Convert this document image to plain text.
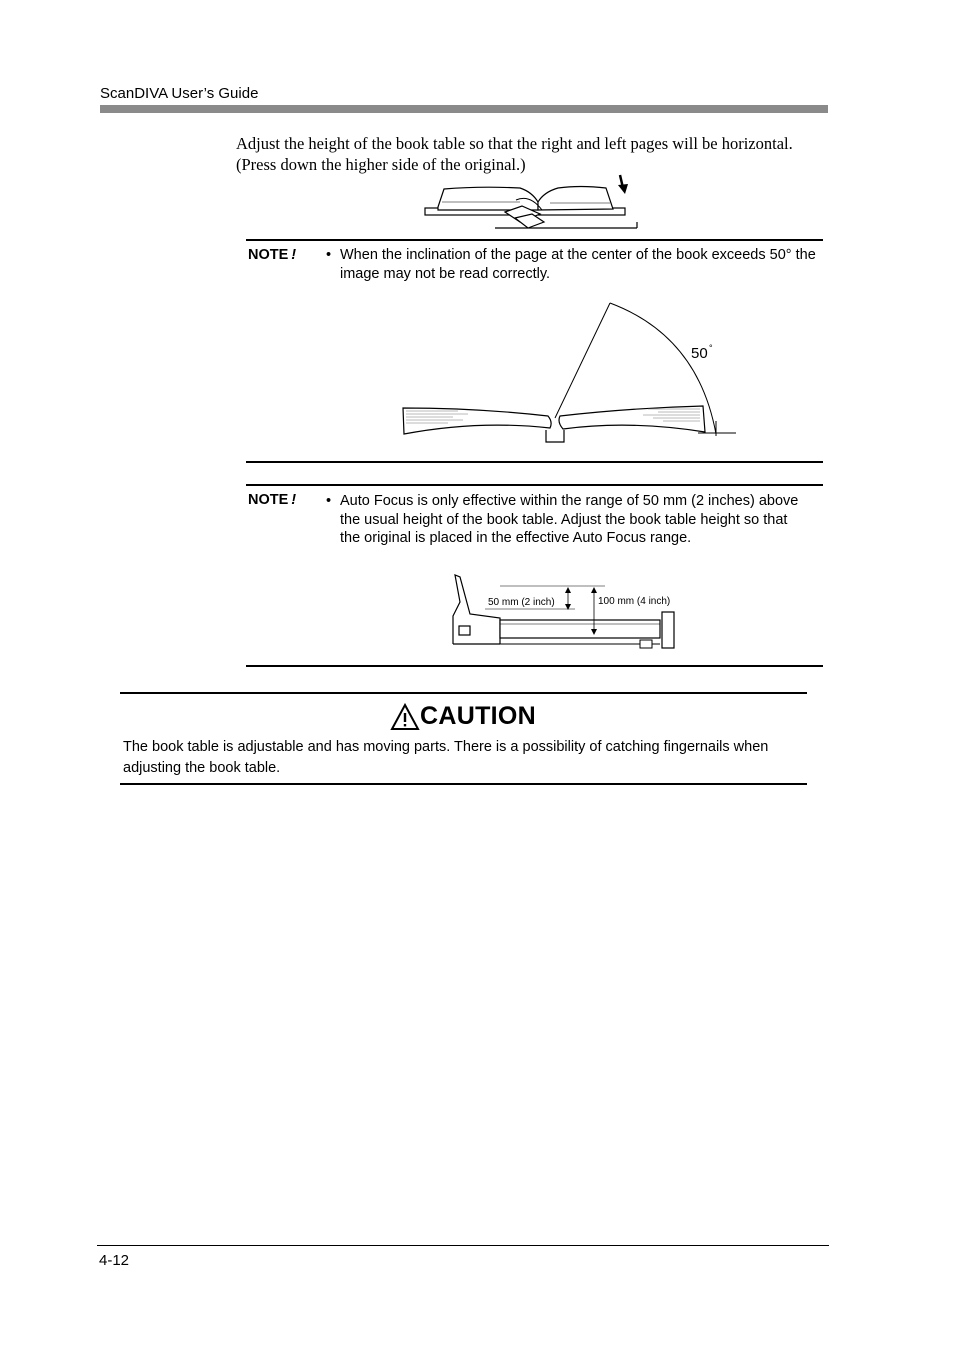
ScanDIVA User’s Guide
Adjust the height of the book table so that the right and left pages will be horizontal.
(Press down the higher side of the original.)
NOTE ! • When the inclination of the page at the center of the book exceeds 50° the image may not be read correctly.
50 °
NOTE ! • Auto Focus is only effective within the range of 50 mm (2 inches) above the usual height of the book table. Adjust the book table height so that the original is placed in the effective Auto Focus range.
50 mm (2 inch)	100 mm (4 inch)
CAUTION
The book table is adjustable and has moving parts. There is a possibility of catching fingernails when adjusting the book table.
4-12
